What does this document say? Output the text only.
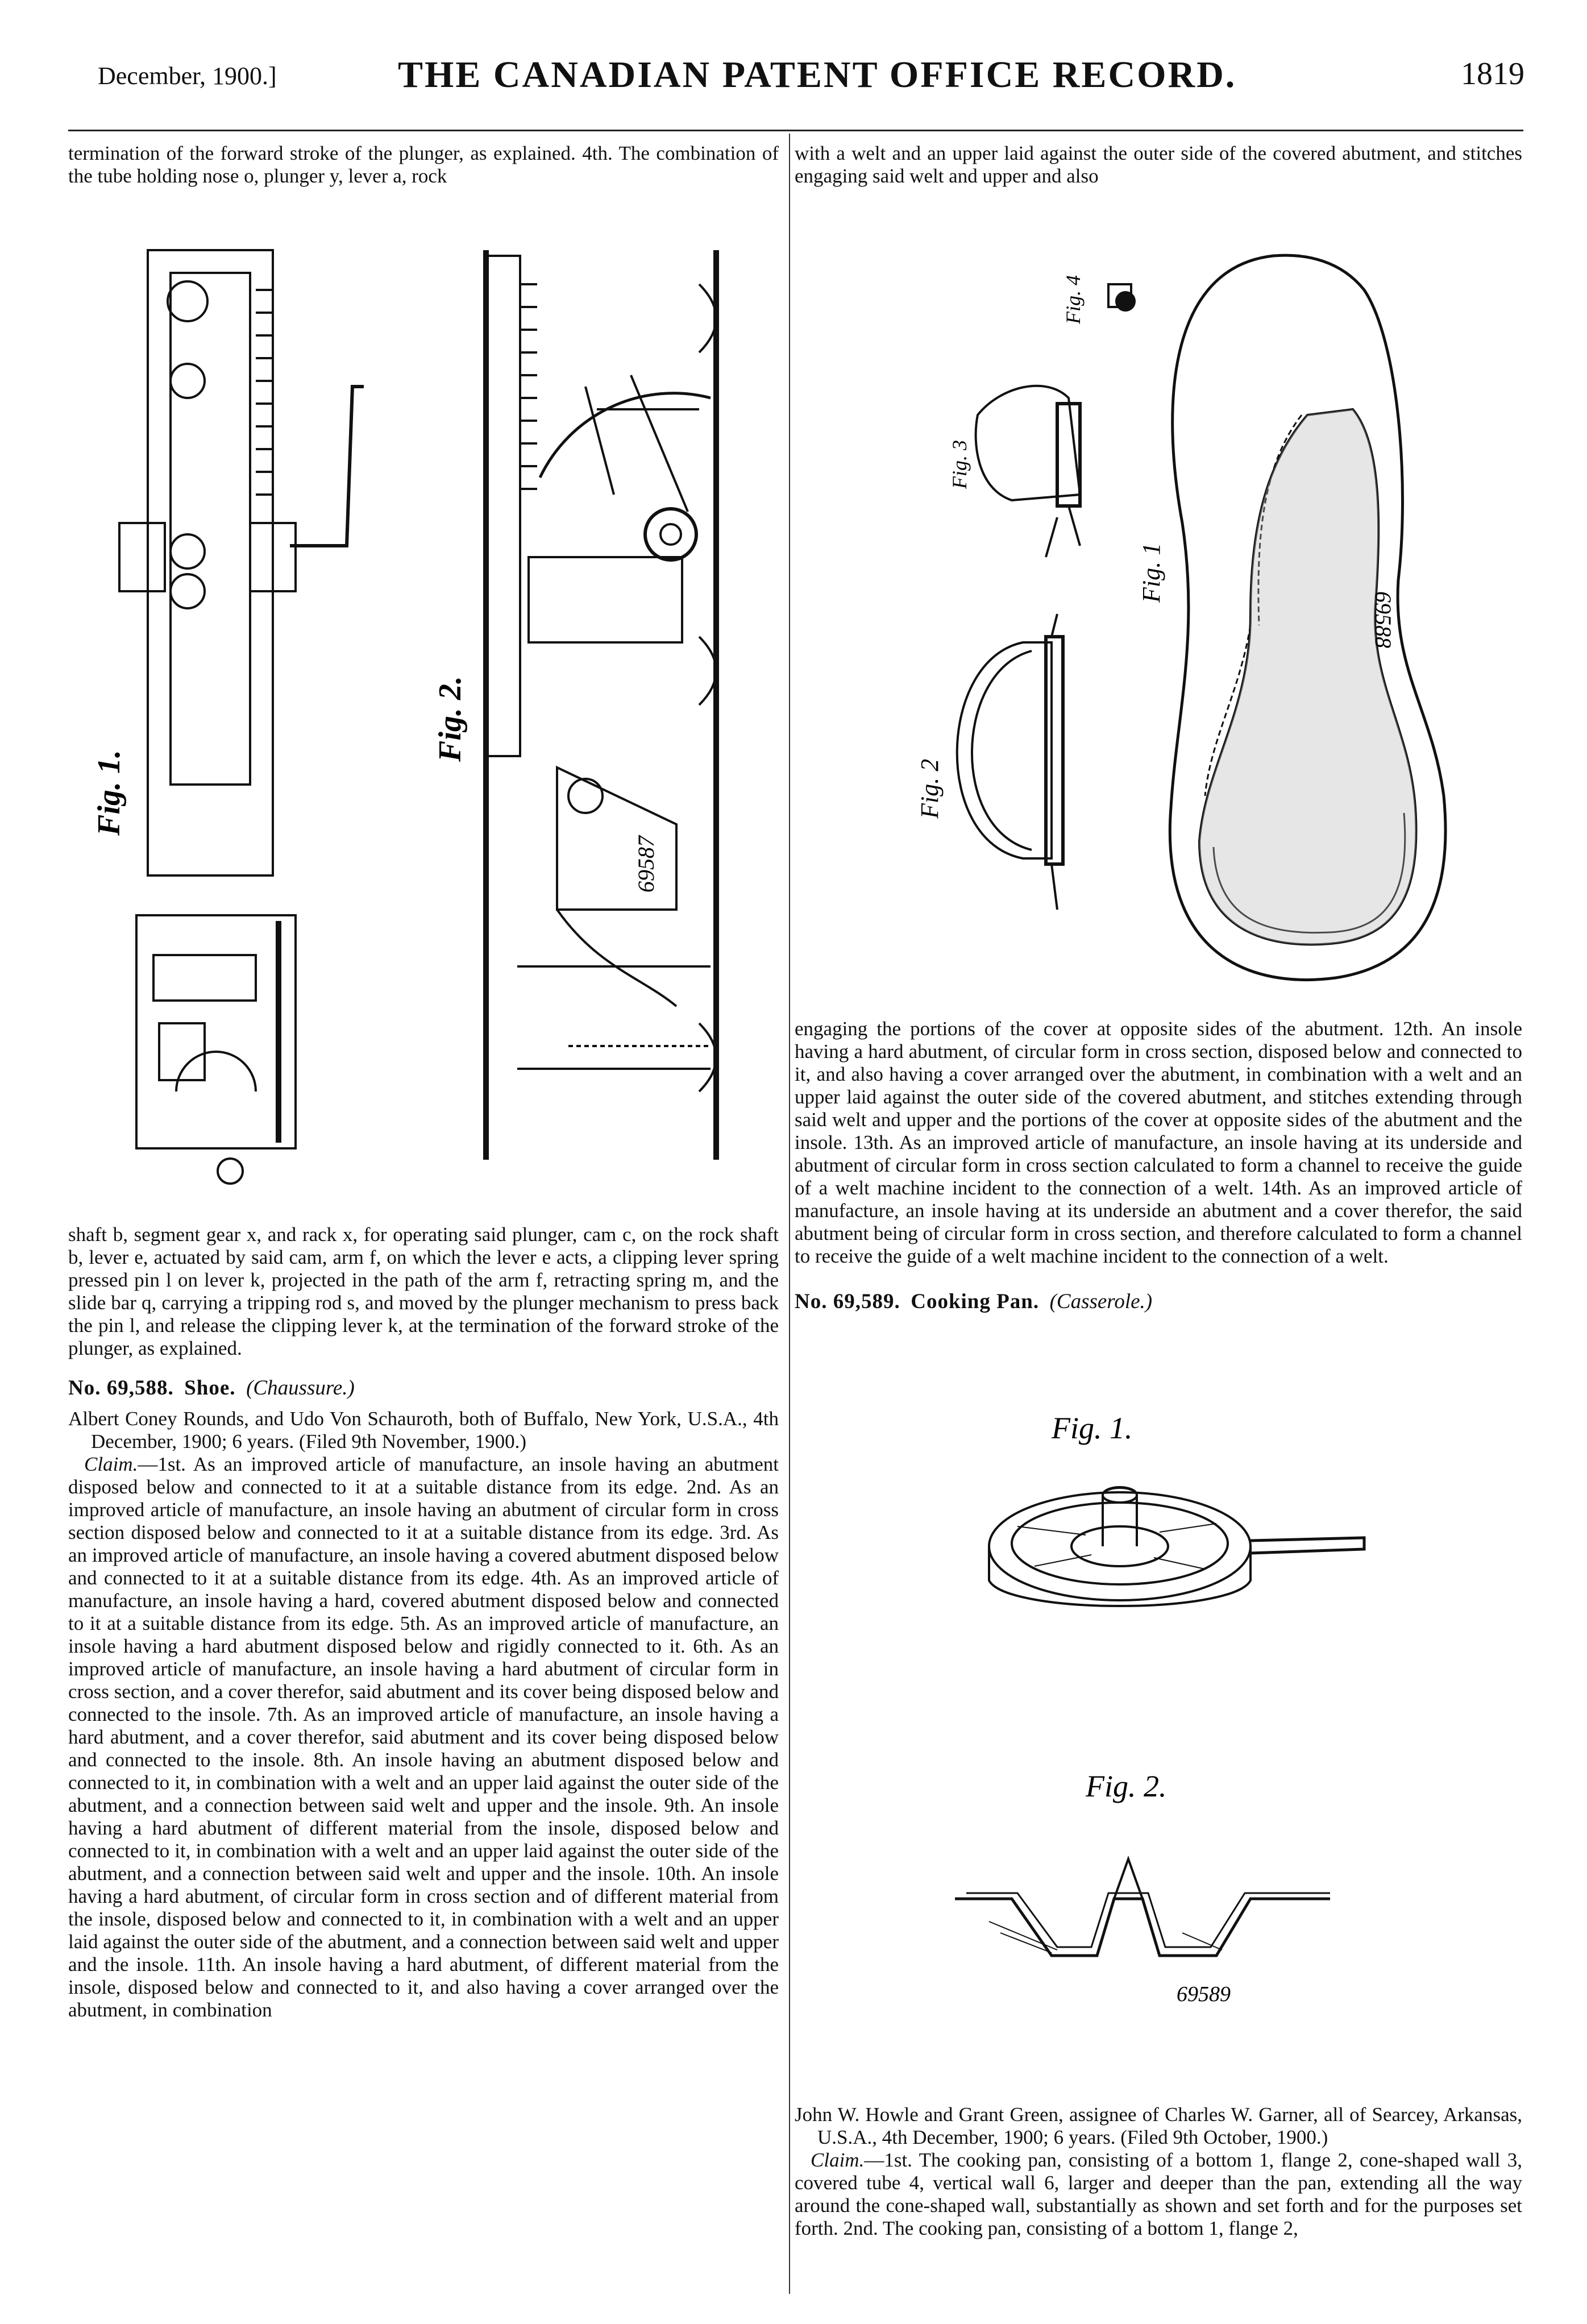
December, 1900.]	THE CANADIAN PATENT OFFICE RECORD.	1819

termination of the forward stroke of the plunger, as explained. 4th. The combination of the tube holding nose o, plunger y, lever a, rock

Fig. 1.
Fig. 2.
69587

shaft b, segment gear x, and rack x, for operating said plunger, cam c, on the rock shaft b, lever e, actuated by said cam, arm f, on which the lever e acts, a clipping lever spring pressed pin l on lever k, projected in the path of the arm f, retracting spring m, and the slide bar q, carrying a tripping rod s, and moved by the plunger mechanism to press back the pin l, and release the clipping lever k, at the termination of the forward stroke of the plunger, as explained.

No. 69,588. Shoe. (Chaussure.)

Albert Coney Rounds, and Udo Von Schauroth, both of Buffalo, New York, U.S.A., 4th December, 1900; 6 years. (Filed 9th November, 1900.)

Claim.—1st. As an improved article of manufacture, an insole having an abutment disposed below and connected to it at a suitable distance from its edge. 2nd. As an improved article of manufacture, an insole having an abutment of circular form in cross section disposed below and connected to it at a suitable distance from its edge. 3rd. As an improved article of manufacture, an insole having a covered abutment disposed below and connected to it at a suitable distance from its edge. 4th. As an improved article of manufacture, an insole having a hard, covered abutment disposed below and connected to it at a suitable distance from its edge. 5th. As an improved article of manufacture, an insole having a hard abutment disposed below and rigidly connected to it. 6th. As an improved article of manufacture, an insole having a hard abutment of circular form in cross section, and a cover therefor, said abutment and its cover being disposed below and connected to the insole. 7th. As an improved article of manufacture, an insole having a hard abutment, and a cover therefor, said abutment and its cover being disposed below and connected to the insole. 8th. An insole having an abutment disposed below and connected to it, in combination with a welt and an upper laid against the outer side of the abutment, and a connection between said welt and upper and the insole. 9th. An insole having a hard abutment of different material from the insole, disposed below and connected to it, in combination with a welt and an upper laid against the outer side of the abutment, and a connection between said welt and upper and the insole. 10th. An insole having a hard abutment, of circular form in cross section and of different material from the insole, disposed below and connected to it, in combination with a welt and an upper laid against the outer side of the abutment, and a connection between said welt and upper and the insole. 11th. An insole having a hard abutment, of different material from the insole, disposed below and connected to it, and also having a cover arranged over the abutment, in combination

with a welt and an upper laid against the outer side of the covered abutment, and stitches engaging said welt and upper and also

Fig. 4
Fig. 3
Fig. 2
Fig. 1
69588

engaging the portions of the cover at opposite sides of the abutment. 12th. An insole having a hard abutment, of circular form in cross section, disposed below and connected to it, and also having a cover arranged over the abutment, in combination with a welt and an upper laid against the outer side of the covered abutment, and stitches extending through said welt and upper and the portions of the cover at opposite sides of the abutment and the insole. 13th. As an improved article of manufacture, an insole having at its underside and abutment of circular form in cross section calculated to form a channel to receive the guide of a welt machine incident to the connection of a welt. 14th. As an improved article of manufacture, an insole having at its underside an abutment and a cover therefor, the said abutment being of circular form in cross section, and therefore calculated to form a channel to receive the guide of a welt machine incident to the connection of a welt.

No. 69,589. Cooking Pan. (Casserole.)

Fig. 1.
Fig. 2.
69589

John W. Howle and Grant Green, assignee of Charles W. Garner, all of Searcey, Arkansas, U.S.A., 4th December, 1900; 6 years. (Filed 9th October, 1900.)

Claim.—1st. The cooking pan, consisting of a bottom 1, flange 2, cone-shaped wall 3, covered tube 4, vertical wall 6, larger and deeper than the pan, extending all the way around the cone-shaped wall, substantially as shown and set forth and for the purposes set forth. 2nd. The cooking pan, consisting of a bottom 1, flange 2,
